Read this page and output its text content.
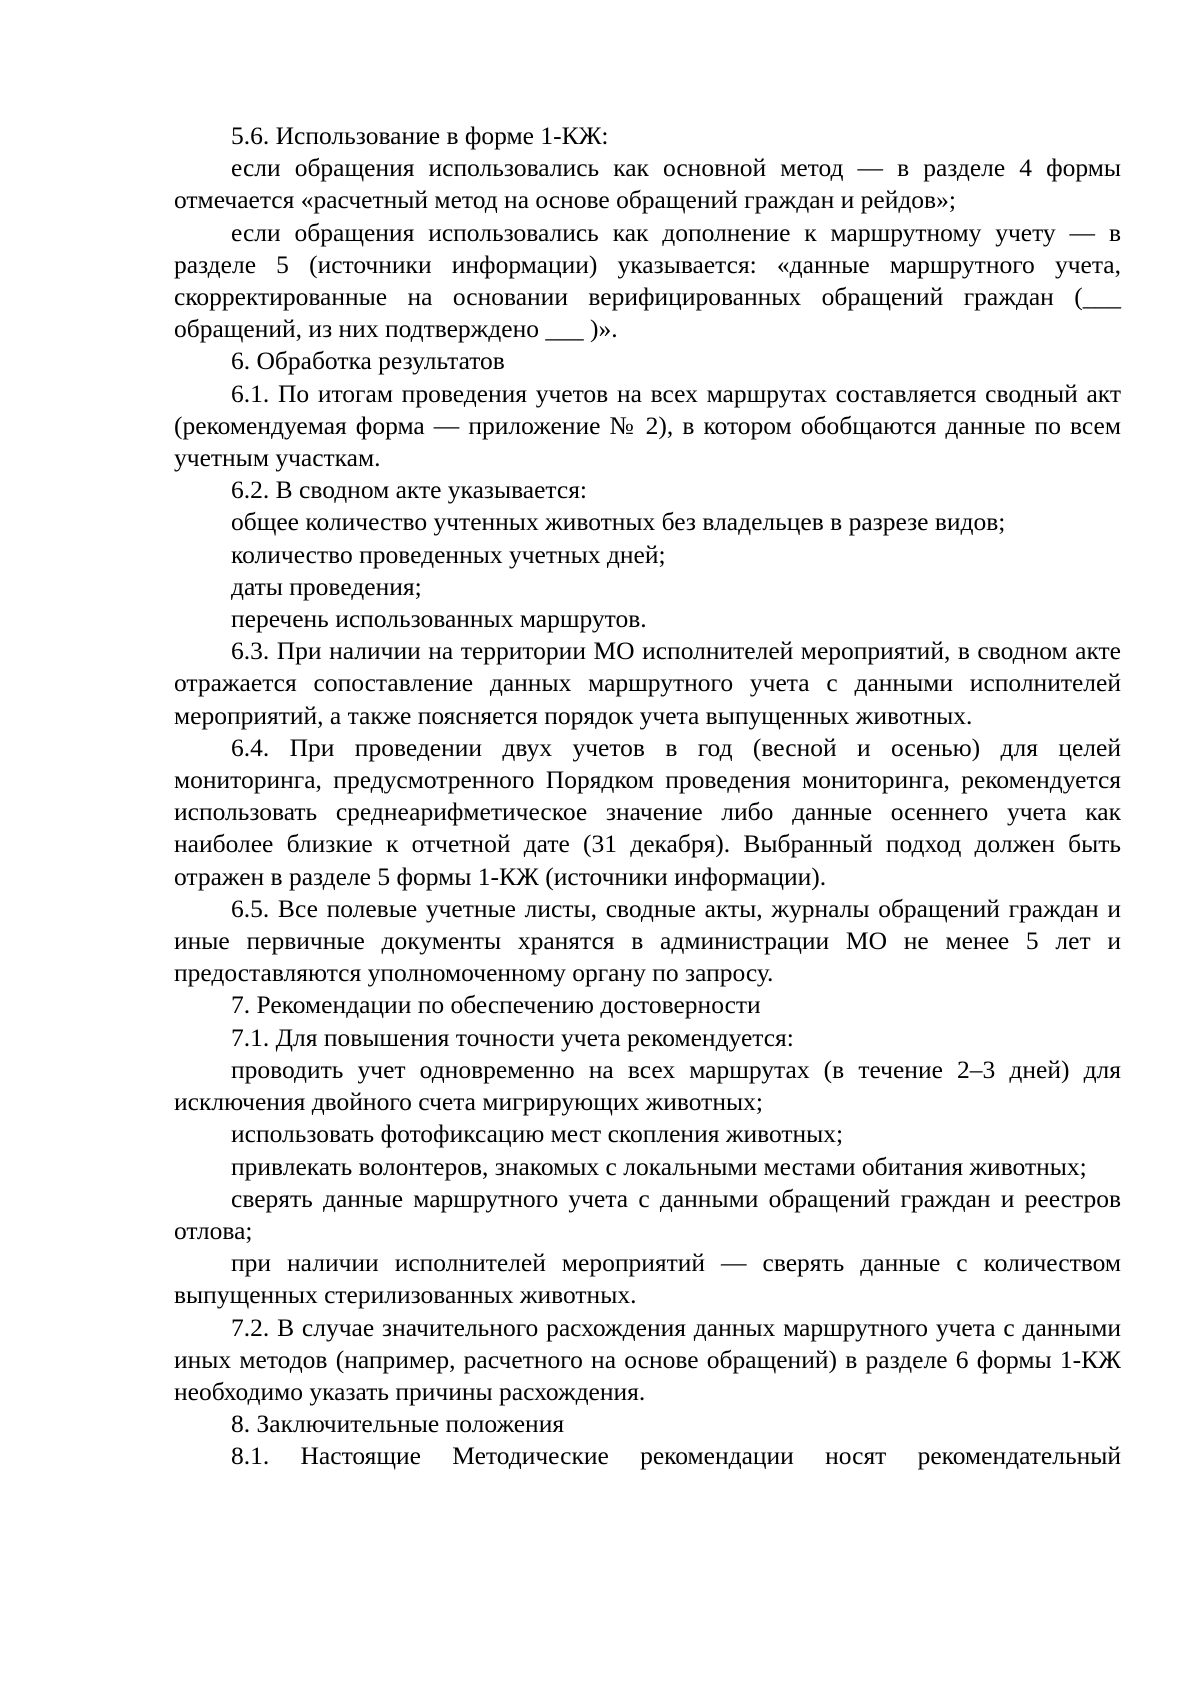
5.6. Использование в форме 1-КЖ:

если обращения использовались как основной метод — в разделе 4 формы отмечается «расчетный метод на основе обращений граждан и рейдов»;

если обращения использовались как дополнение к маршрутному учету — в разделе 5 (источники информации) указывается: «данные маршрутного учета, скорректированные на основании верифицированных обращений граждан (___ обращений, из них подтверждено ___ )».

6. Обработка результатов

6.1. По итогам проведения учетов на всех маршрутах составляется сводный акт (рекомендуемая форма — приложение № 2), в котором обобщаются данные по всем учетным участкам.

6.2. В сводном акте указывается:

общее количество учтенных животных без владельцев в разрезе видов;

количество проведенных учетных дней;

даты проведения;

перечень использованных маршрутов.

6.3. При наличии на территории МО исполнителей мероприятий, в сводном акте отражается сопоставление данных маршрутного учета с данными исполнителей мероприятий, а также поясняется порядок учета выпущенных животных.

6.4. При проведении двух учетов в год (весной и осенью) для целей мониторинга, предусмотренного Порядком проведения мониторинга, рекомендуется использовать среднеарифметическое значение либо данные осеннего учета как наиболее близкие к отчетной дате (31 декабря). Выбранный подход должен быть отражен в разделе 5 формы 1-КЖ (источники информации).

6.5. Все полевые учетные листы, сводные акты, журналы обращений граждан и иные первичные документы хранятся в администрации МО не менее 5 лет и предоставляются уполномоченному органу по запросу.

7. Рекомендации по обеспечению достоверности

7.1. Для повышения точности учета рекомендуется:

проводить учет одновременно на всех маршрутах (в течение 2–3 дней) для исключения двойного счета мигрирующих животных;

использовать фотофиксацию мест скопления животных;

привлекать волонтеров, знакомых с локальными местами обитания животных;

сверять данные маршрутного учета с данными обращений граждан и реестров отлова;

при наличии исполнителей мероприятий — сверять данные с количеством выпущенных стерилизованных животных.

7.2. В случае значительного расхождения данных маршрутного учета с данными иных методов (например, расчетного на основе обращений) в разделе 6 формы 1-КЖ необходимо указать причины расхождения.

8. Заключительные положения

8.1. Настоящие Методические рекомендации носят рекомендательный
